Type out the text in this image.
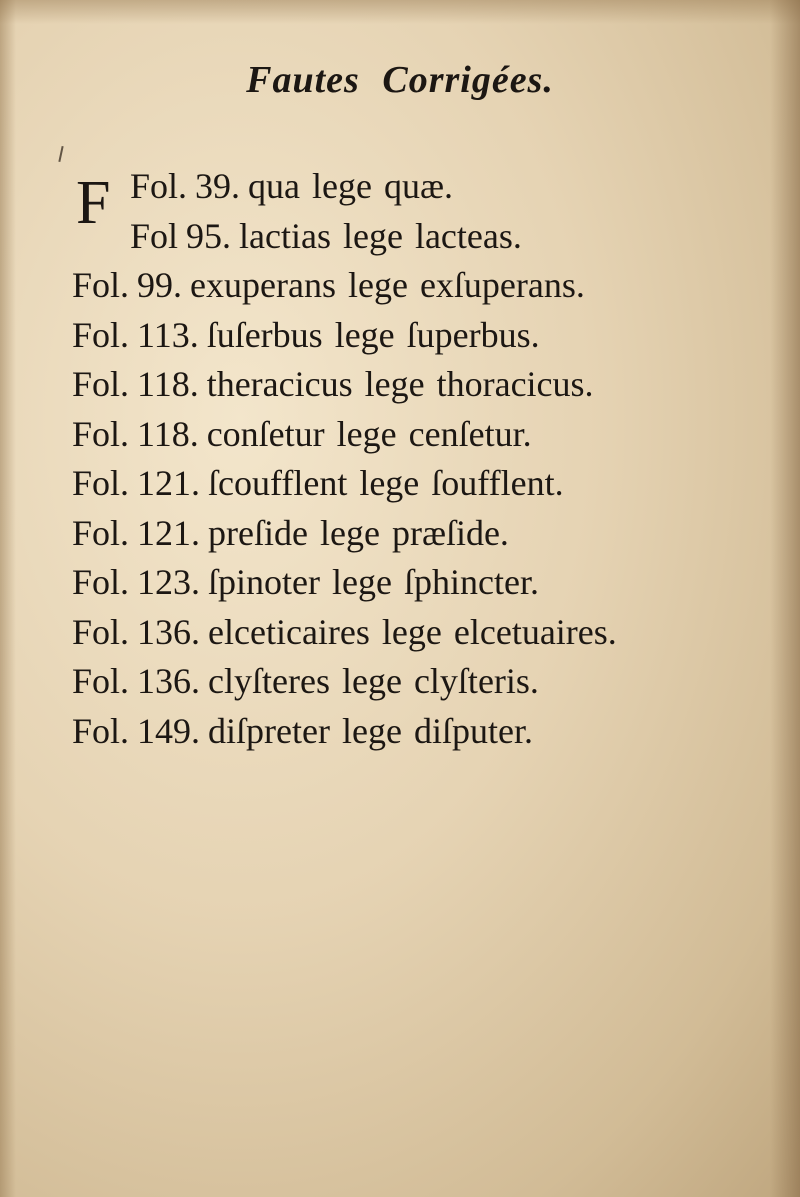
Fautes Corrigées.
F Fol. 39. qua lege quæ.
Fol 95. lactias lege lacteas.
Fol. 99. exuperans lege exſuperans.
Fol. 113. ſuſerbus lege ſuperbus.
Fol. 118. theracicus lege thoracicus.
Fol. 118. conſetur lege cenſetur.
Fol. 121. ſcoufflent lege ſoufflent.
Fol. 121. preſide lege præſide.
Fol. 123. ſpinoter lege ſphincter.
Fol. 136. elceticaires lege elcetuaires.
Fol. 136. clyſteres lege clyſteris.
Fol. 149. diſpreter lege diſputer.
